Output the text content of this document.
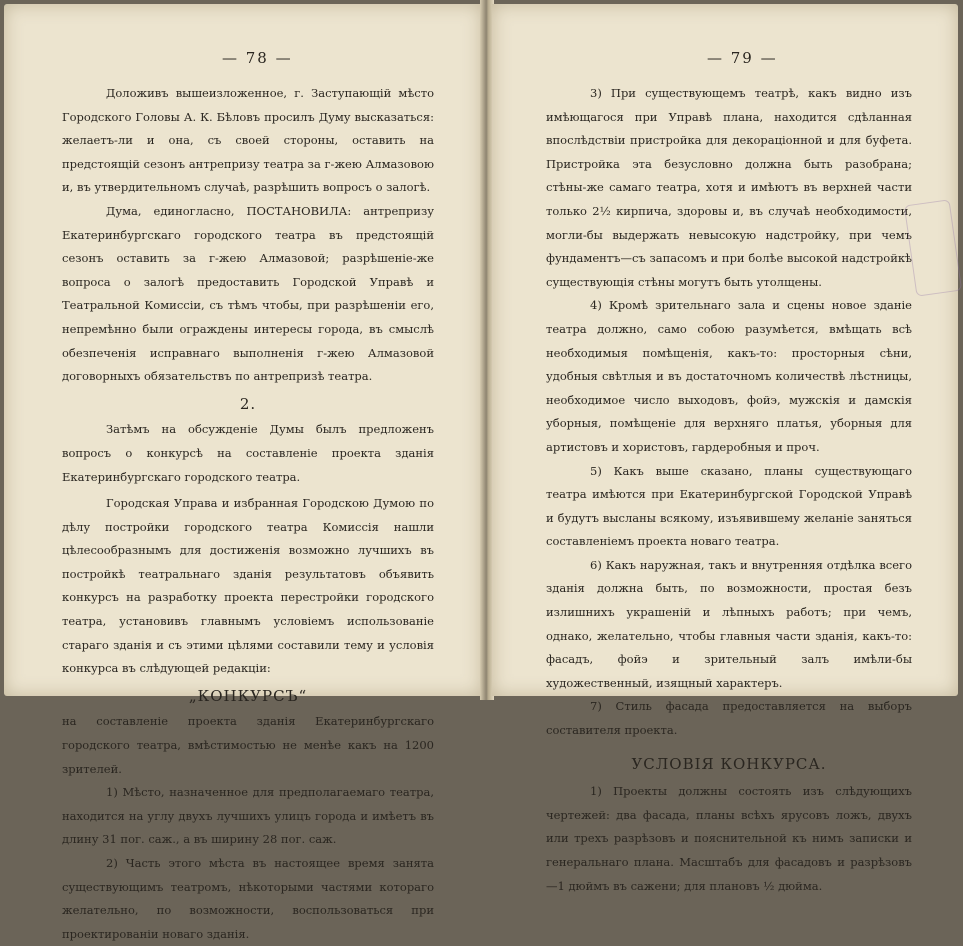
— 78 —

Доложивъ вышеизложенное, г. Заступающій мѣсто Городского Головы А. К. Бѣловъ просилъ Думу высказаться: желаетъ-ли и она, съ своей стороны, оставить на предстоящій сезонъ антрепризу театра за г-жею Алмазовою и, въ утвердительномъ случаѣ, разрѣшить вопросъ о залогѣ.

Дума, единогласно, ПОСТАНОВИЛА: антрепризу Екатеринбургскаго городского театра въ предстоящій сезонъ оставить за г-жею Алмазовой; разрѣшеніе-же вопроса о залогѣ предоставить Городской Управѣ и Театральной Комиссіи, съ тѣмъ чтобы, при разрѣшеніи его, непремѣнно были ограждены интересы города, въ смыслѣ обезпеченія исправнаго выполненія г-жею Алмазовой договорныхъ обязательствъ по антрепризѣ театра.

2.

Затѣмъ на обсужденіе Думы былъ предложенъ вопросъ о конкурсѣ на составленіе проекта зданія Екатеринбургскаго городского театра.

Городская Управа и избранная Городскою Думою по дѣлу постройки городского театра Комиссія нашли цѣлесообразнымъ для достиженія возможно лучшихъ въ постройкѣ театральнаго зданія результатовъ объявить конкурсъ на разработку проекта перестройки городского театра, установивъ главнымъ условіемъ использованіе стараго зданія и съ этими цѣлями составили тему и условія конкурса въ слѣдующей редакціи:

„КОНКУРСЪ“

на составленіе проекта зданія Екатеринбургскаго городского театра, вмѣстимостью не менѣе какъ на 1200 зрителей.

1) Мѣсто, назначенное для предполагаемаго театра, находится на углу двухъ лучшихъ улицъ города и имѣетъ въ длину 31 пог. саж., а въ ширину 28 пог. саж.

2) Часть этого мѣста въ настоящее время занята существующимъ театромъ, нѣкоторыми частями котораго желательно, по возможности, воспользоваться при проектированіи новаго зданія.

— 79 —

3) При существующемъ театрѣ, какъ видно изъ имѣющагося при Управѣ плана, находится сдѣланная впослѣдствіи пристройка для декораціонной и для буфета. Пристройка эта безусловно должна быть разобрана; стѣны-же самаго театра, хотя и имѣютъ въ верхней части только 2½ кирпича, здоровы и, въ случаѣ необходимости, могли-бы выдержать невысокую надстройку, при чемъ фундаментъ—съ запасомъ и при болѣе высокой надстройкѣ существующія стѣны могутъ быть утолщены.

4) Кромѣ зрительнаго зала и сцены новое зданіе театра должно, само собою разумѣется, вмѣщать всѣ необходимыя помѣщенія, какъ-то: просторныя сѣни, удобныя свѣтлыя и въ достаточномъ количествѣ лѣстницы, необходимое число выходовъ, фойэ, мужскія и дамскія уборныя, помѣщеніе для верхняго платья, уборныя для артистовъ и хористовъ, гардеробныя и проч.

5) Какъ выше сказано, планы существующаго театра имѣются при Екатеринбургской Городской Управѣ и будутъ высланы всякому, изъявившему желаніе заняться составленіемъ проекта новаго театра.

6) Какъ наружная, такъ и внутренняя отдѣлка всего зданія должна быть, по возможности, простая безъ излишнихъ украшеній и лѣпныхъ работъ; при чемъ, однако, желательно, чтобы главныя части зданія, какъ-то: фасадъ, фойэ и зрительный залъ имѣли-бы художественный, изящный характеръ.

7) Стиль фасада предоставляется на выборъ составителя проекта.

УСЛОВІЯ КОНКУРСА.

1) Проекты должны состоять изъ слѣдующихъ чертежей: два фасада, планы всѣхъ ярусовъ ложъ, двухъ или трехъ разрѣзовъ и пояснительной къ нимъ записки и генеральнаго плана. Масштабъ для фасадовъ и разрѣзовъ—1 дюймъ въ сажени; для плановъ ½ дюйма.
